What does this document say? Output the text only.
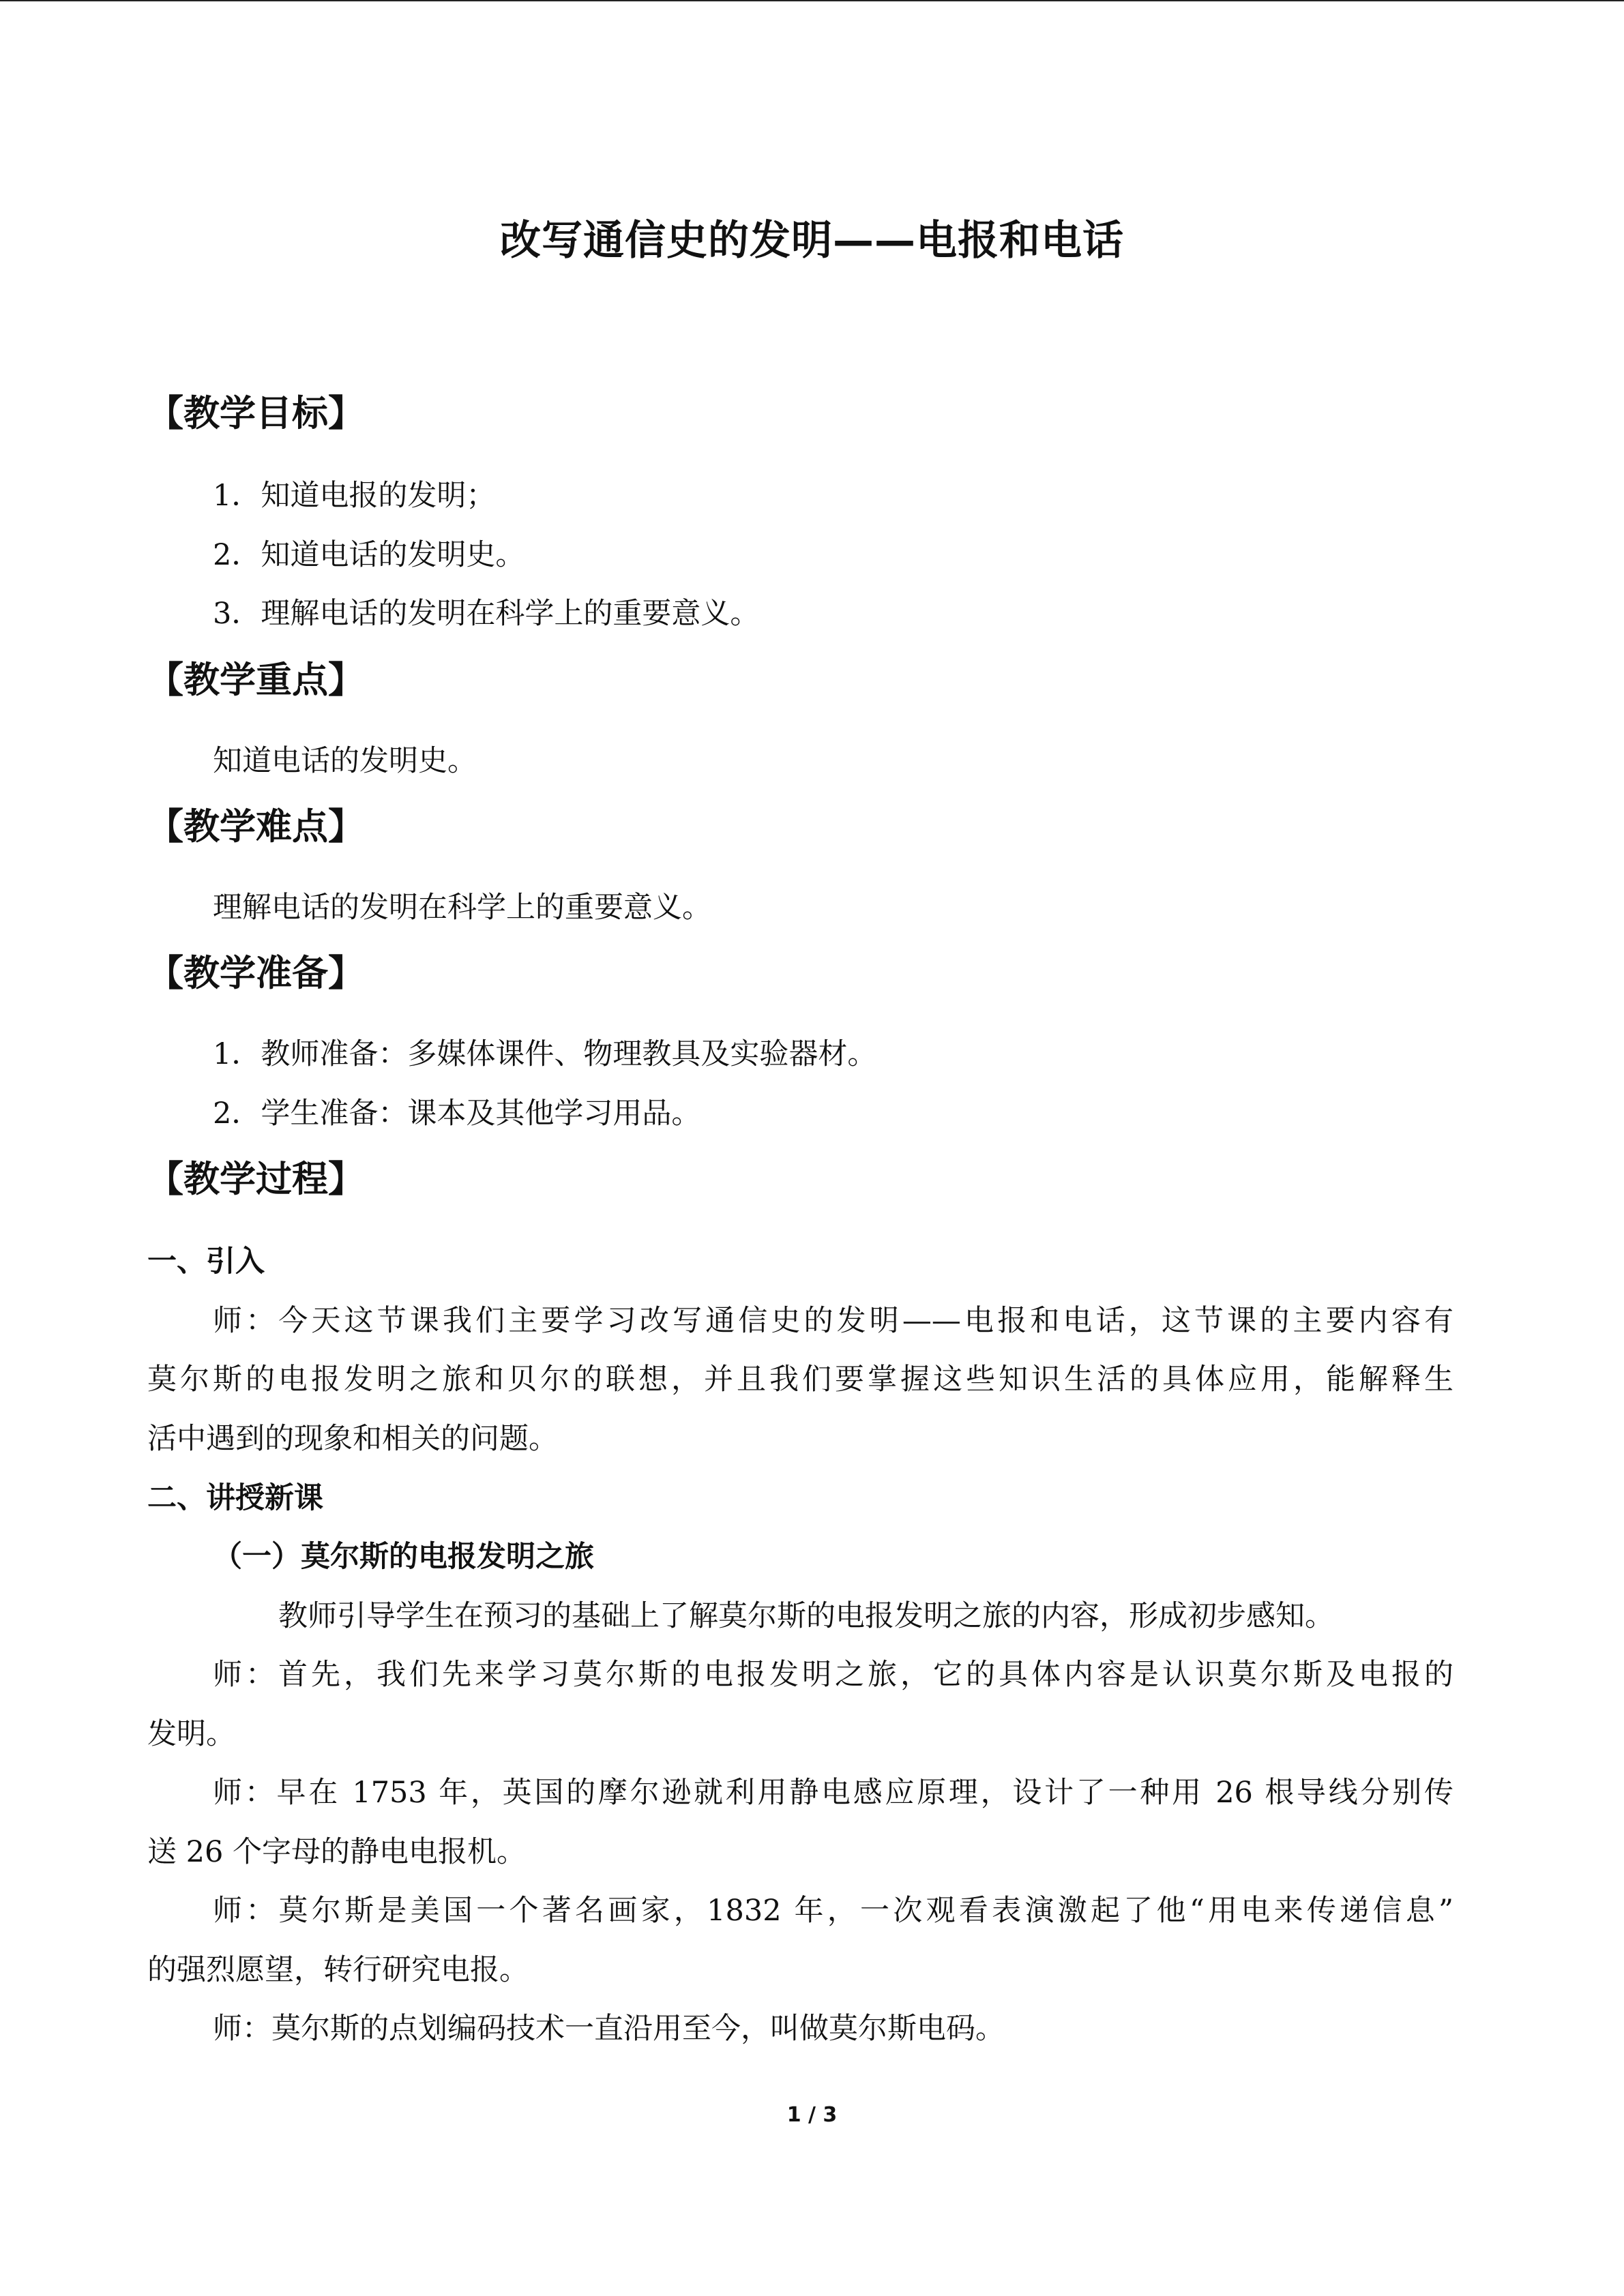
改写通信史的发明——电报和电话
【教学目标】
1．知道电报的发明；
2．知道电话的发明史。
3．理解电话的发明在科学上的重要意义。
【教学重点】
知道电话的发明史。
【教学难点】
理解电话的发明在科学上的重要意义。
【教学准备】
1．教师准备：多媒体课件、物理教具及实验器材。
2．学生准备：课本及其他学习用品。
【教学过程】
一、引入
师：今天这节课我们主要学习改写通信史的发明——电报和电话，这节课的主要内容有
莫尔斯的电报发明之旅和贝尔的联想，并且我们要掌握这些知识生活的具体应用，能解释生
活中遇到的现象和相关的问题。
二、讲授新课
（一）莫尔斯的电报发明之旅
教师引导学生在预习的基础上了解莫尔斯的电报发明之旅的内容，形成初步感知。
师：首先，我们先来学习莫尔斯的电报发明之旅，它的具体内容是认识莫尔斯及电报的
发明。
师：早在 1753 年，英国的摩尔逊就利用静电感应原理，设计了一种用 26 根导线分别传
送 26 个字母的静电电报机。
师：莫尔斯是美国一个著名画家，1832 年，一次观看表演激起了他“用电来传递信息”
的强烈愿望，转行研究电报。
师：莫尔斯的点划编码技术一直沿用至今，叫做莫尔斯电码。
1 / 3
